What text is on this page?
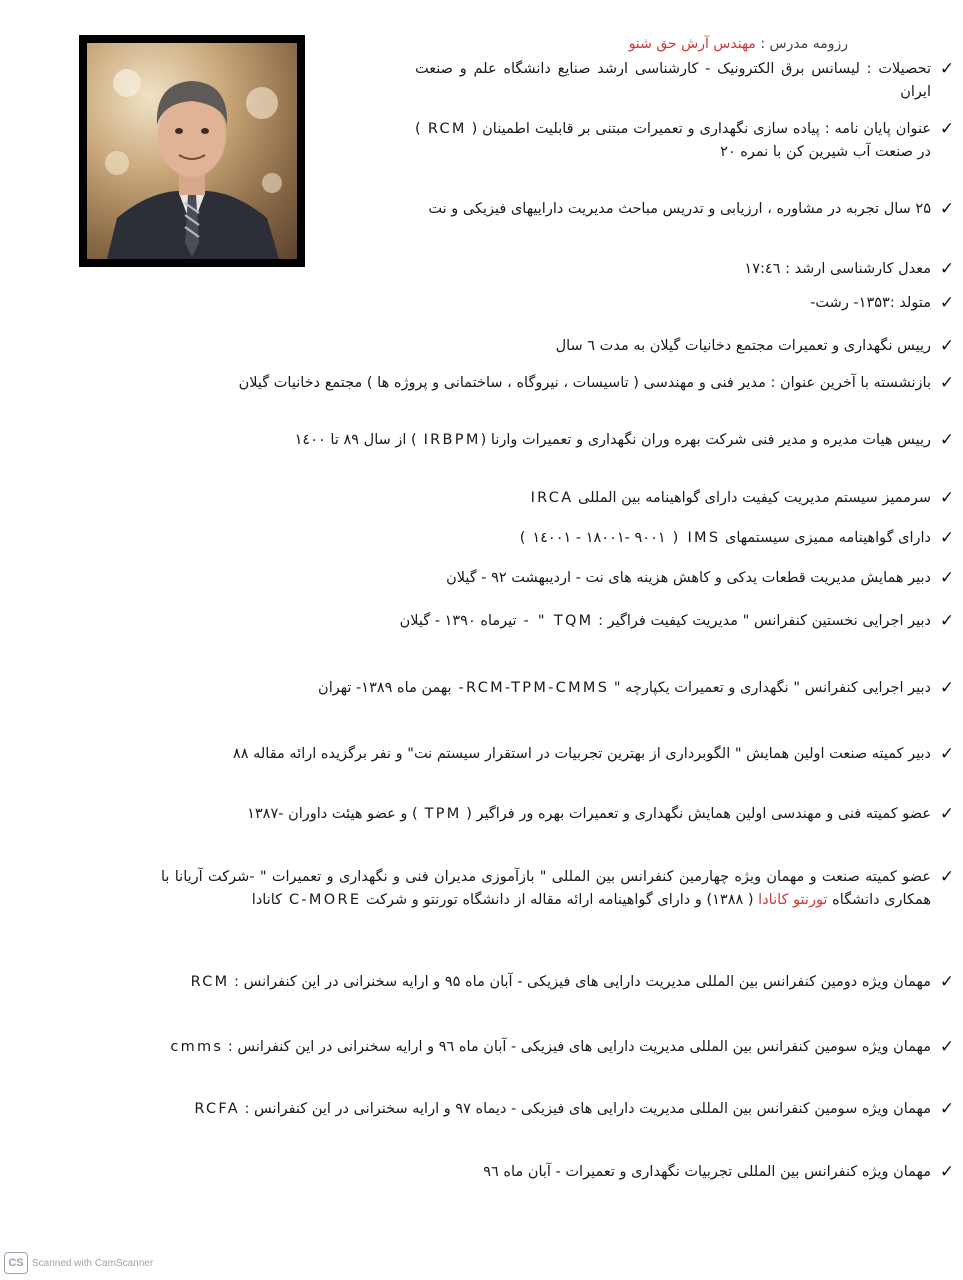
رزومه مدرس : مهندس آرش حق شنو
✓
تحصیلات : لیسانس برق الکترونیک - کارشناسی ارشد صنایع دانشگاه علم و صنعت ایران
✓
عنوان پایان نامه : پیاده سازی نگهداری و تعمیرات مبتنی بر قابلیت اطمینان ( RCM ) در صنعت آب شیرین کن با نمره ۲۰
✓
۲۵ سال تجربه در مشاوره ، ارزیابی و تدریس مباحث مدیریت داراییهای فیزیکی و نت
✓
معدل کارشناسی ارشد : ۱۷:٤٦
✓
متولد :۱۳۵۳- رشت-
✓
رییس نگهداری و تعمیرات مجتمع دخانیات گیلان به مدت ٦ سال
✓
بازنشسته با آخرین عنوان : مدیر فنی و مهندسی ( تاسیسات ، نیروگاه ، ساختمانی و پروژه ها ) مجتمع دخانیات گیلان
✓
رییس هیات مدیره و مدیر فنی شرکت بهره وران نگهداری و تعمیرات وارنا (IRBPM ) از سال ۸۹ تا ۱٤۰۰
✓
سرممیز سیستم مدیریت کیفیت دارای گواهینامه بین المللی IRCA
✓
دارای گواهینامه ممیزی سیستمهای IMS ( ۱٤۰۰۱ - ۱۸۰۰۱- ۹۰۰۱ )
✓
دبیر همایش مدیریت قطعات یدکی و کاهش هزینه های نت - اردیبهشت ۹۲ - گیلان
✓
دبیر اجرایی نخستین کنفرانس " مدیریت کیفیت فراگیر : TQM " - تیرماه ۱۳۹۰ - گیلان
✓
دبیر اجرایی کنفرانس " نگهداری و تعمیرات یکپارچه " RCM-TPM-CMMS- بهمن ماه ۱۳۸۹- تهران
✓
دبیر کمیته صنعت اولین همایش " الگوبرداری از بهترین تجربیات در استقرار سیستم نت" و نفر برگزیده ارائه مقاله ۸۸
✓
عضو کمیته فنی و مهندسی اولین همایش نگهداری و تعمیرات بهره ور فراگیر ( TPM ) و عضو هیئت داوران -۱۳۸۷
✓
عضو کمیته صنعت و مهمان ویژه چهارمین کنفرانس بین المللی " بازآموزی مدیران فنی و نگهداری و تعمیرات " -شرکت آریانا با همکاری دانشگاه تورنتو کانادا ( ۱۳۸۸) و دارای گواهینامه ارائه مقاله از دانشگاه تورنتو و شرکت C-MORE کانادا
✓
مهمان ویژه دومین کنفرانس بین المللی مدیریت دارایی های فیزیکی - آبان ماه ۹۵ و ارایه سخنرانی در این کنفرانس : RCM
✓
مهمان ویژه سومین کنفرانس بین المللی مدیریت دارایی های فیزیکی - آبان ماه ۹٦ و ارایه سخنرانی در این کنفرانس : cmms
✓
مهمان ویژه سومین کنفرانس بین المللی مدیریت دارایی های فیزیکی - دیماه ۹۷ و ارایه سخنرانی در این کنفرانس : RCFA
✓
مهمان ویژه کنفرانس بین المللی تجربیات نگهداری و تعمیرات - آبان ماه ۹٦
CS Scanned with CamScanner
